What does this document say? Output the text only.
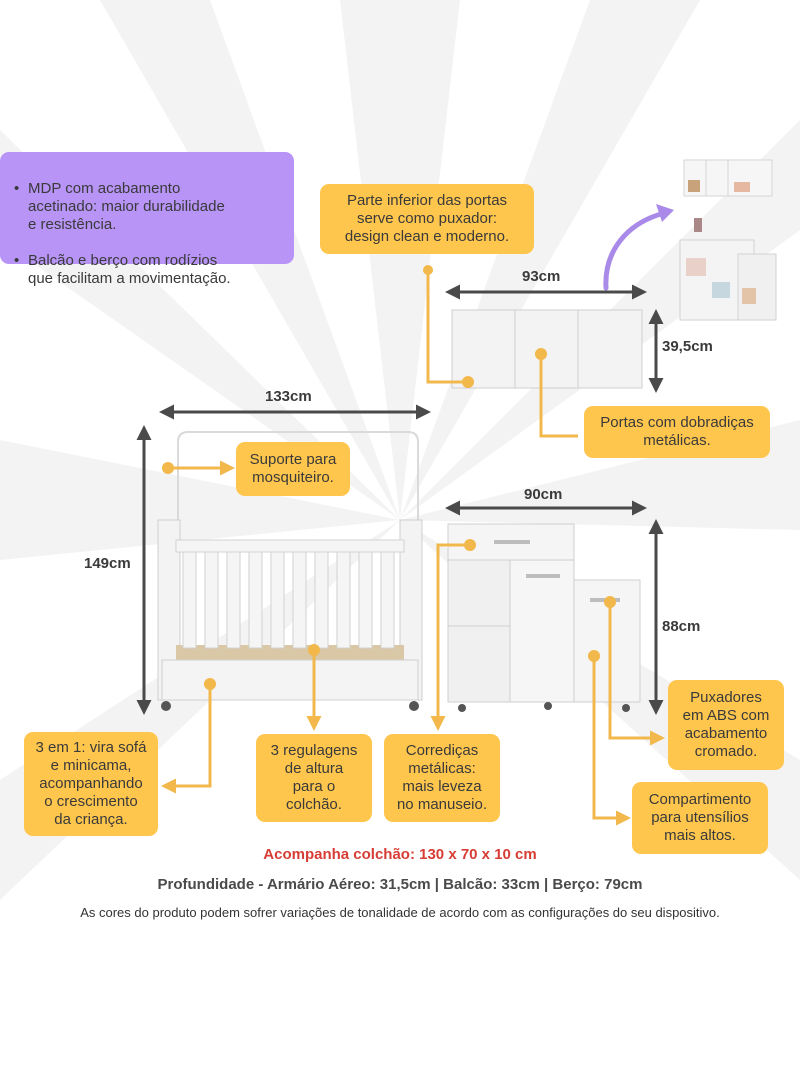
• MDP com acabamento
acetinado: maior durabilidade
e resistência.

• Balcão e berço com rodízios
que facilitam a movimentação.

Parte inferior das portas
serve como puxador:
design clean e moderno.
Portas com dobradiças
metálicas.
Suporte para
mosquiteiro.
3 em 1: vira sofá
e minicama,
acompanhando
o crescimento
da criança.
3 regulagens
de altura
para o
colchão.
Corrediças
metálicas:
mais leveza
no manuseio.
Puxadores
em ABS com
acabamento
cromado.
Compartimento
para utensílios
mais altos.
93cm
39,5cm
133cm
149cm
90cm
88cm
Acompanha colchão: 130 x 70 x 10 cm
Profundidade - Armário Aéreo: 31,5cm | Balcão: 33cm | Berço: 79cm
As cores do produto podem sofrer variações de tonalidade de acordo com as configurações do seu dispositivo.
